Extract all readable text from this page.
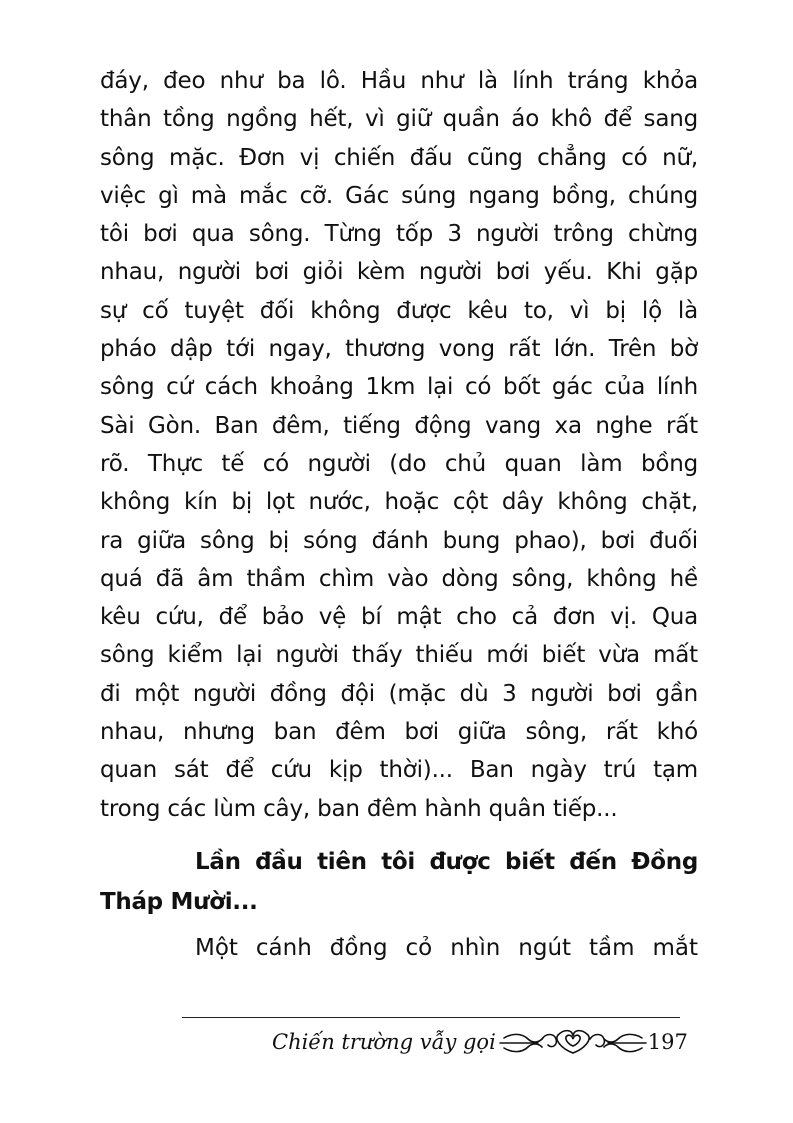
đáy, đeo như ba lô. Hầu như là lính tráng khỏa
thân tồng ngồng hết, vì giữ quần áo khô để sang
sông mặc. Đơn vị chiến đấu cũng chẳng có nữ,
việc gì mà mắc cỡ. Gác súng ngang bồng, chúng
tôi bơi qua sông. Từng tốp 3 người trông chừng
nhau, người bơi giỏi kèm người bơi yếu. Khi gặp
sự cố tuyệt đối không được kêu to, vì bị lộ là
pháo dập tới ngay, thương vong rất lớn. Trên bờ
sông cứ cách khoảng 1km lại có bốt gác của lính
Sài Gòn. Ban đêm, tiếng động vang xa nghe rất
rõ. Thực tế có người (do chủ quan làm bồng
không kín bị lọt nước, hoặc cột dây không chặt,
ra giữa sông bị sóng đánh bung phao), bơi đuối
quá đã âm thầm chìm vào dòng sông, không hề
kêu cứu, để bảo vệ bí mật cho cả đơn vị. Qua
sông kiểm lại người thấy thiếu mới biết vừa mất
đi một người đồng đội (mặc dù 3 người bơi gần
nhau, nhưng ban đêm bơi giữa sông, rất khó
quan sát để cứu kịp thời)... Ban ngày trú tạm
trong các lùm cây, ban đêm hành quân tiếp...
Lần đầu tiên tôi được biết đến Đồng
Tháp Mười...
Một cánh đồng cỏ nhìn ngút tầm mắt
Chiến trường vẫy gọi	197
